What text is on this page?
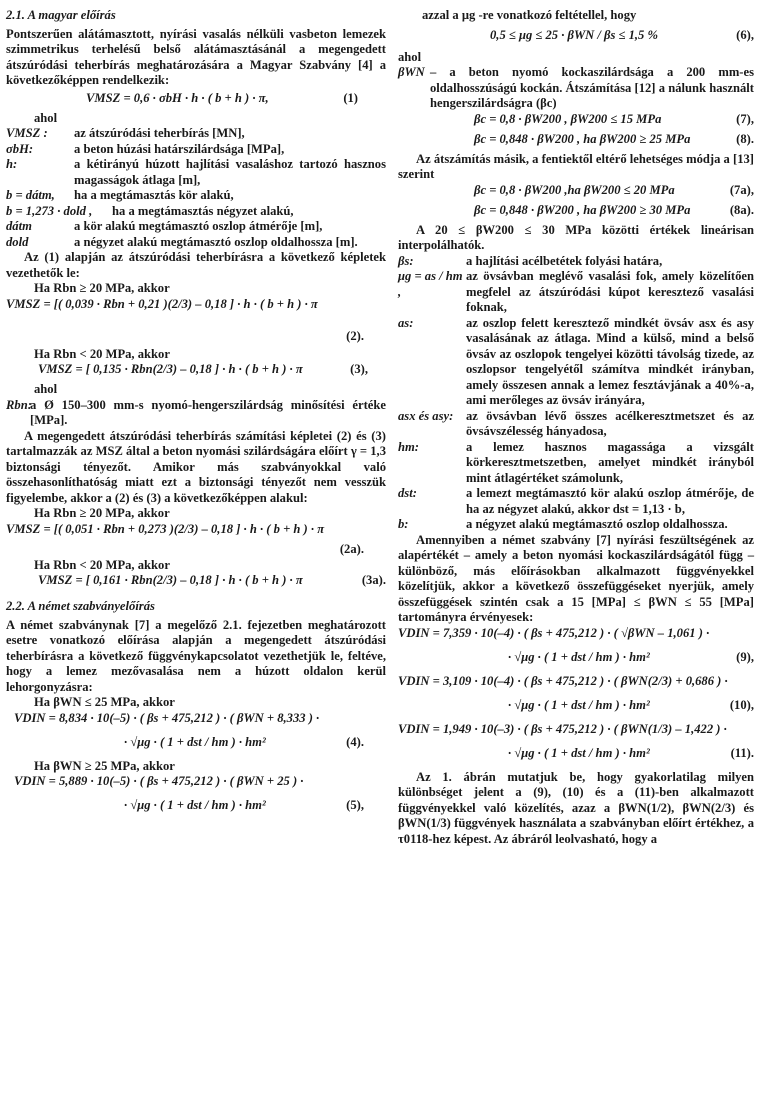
2.1. A magyar előírás

Pontszerűen alátámasztott, nyírási vasalás nélküli vasbeton lemezek szimmetrikus terhelésű belső alátámasztásánál a megengedett átszúródási teherbírás meghatározására a Magyar Szabvány [4] a következőképpen rendelkezik:

VMSZ = 0,6 · σbH · h · ( b + h ) · π,	(1)
ahol
VMSZ :	az átszúródási teherbírás [MN],
σbH:	a beton húzási határszilárdsága [MPa],
h:	a kétirányú húzott hajlítási vasaláshoz tartozó hasznos magasságok átlaga [m],
b = dátm,	ha a megtámasztás kör alakú,
b = 1,273 · dold ,	ha a megtámasztás négyzet alakú,
dátm	a kör alakú megtámasztó oszlop átmérője [m],
dold	a négyzet alakú megtámasztó oszlop oldalhossza [m].

Az (1) alapján az átszúródási teherbírásra a következő képletek vezethetők le:

Ha Rbn ≥ 20 MPa, akkor
VMSZ = [( 0,039 · Rbn + 0,21 )(2/3) – 0,18 ] · h · ( b + h ) · π
(2).
Ha Rbn < 20 MPa, akkor
VMSZ = [ 0,135 · Rbn(2/3) – 0,18 ] · h · ( b + h ) · π	(3),
ahol
Rbn:
a Ø 150–300 mm-s nyomó-hengerszilárdság minősítési értéke [MPa].

A megengedett átszúródási teherbírás számítási képletei (2) és (3) tartalmazzák az MSZ által a beton nyomási szilárdságára előírt γ = 1,3 biztonsági tényezőt. Amikor más szabványokkal való összehasonlíthatóság miatt ezt a biztonsági tényezőt nem vesszük figyelembe, akkor a (2) és (3) a következőképpen alakul:

Ha Rbn ≥ 20 MPa, akkor
VMSZ = [( 0,051 · Rbn + 0,273 )(2/3) – 0,18 ] · h · ( b + h ) · π
(2a).
Ha Rbn < 20 MPa, akkor
VMSZ = [ 0,161 · Rbn(2/3) – 0,18 ] · h · ( b + h ) · π	(3a).
2.2. A német szabványelőírás

A német szabványnak [7] a megelőző 2.1. fejezetben meghatározott esetre vonatkozó előírása alapján a megengedett átszúródási teherbírásra a következő függvénykapcsolatot vezethetjük le, feltéve, hogy a lemez mezővasalása nem a húzott oldalon kerül lehorgonyzásra:

Ha βWN ≤ 25 MPa, akkor
VDIN = 8,834 · 10(–5) · ( βs + 475,212 ) · ( βWN + 8,333 ) ·
· √μg · ( 1 + dst / hm ) · hm²	(4).
Ha βWN ≥ 25 MPa, akkor
VDIN = 5,889 · 10(–5) · ( βs + 475,212 ) · ( βWN + 25 ) ·
· √μg · ( 1 + dst / hm ) · hm²	(5),
azzal a μg -re vonatkozó feltétellel, hogy
0,5 ≤ μg ≤ 25 · βWN / βs ≤ 1,5 %	(6),
ahol
βWN – a beton nyomó kockaszilárdsága a 200 mm-es oldalhosszúságú kockán. Átszámítása [12] a nálunk használt hengerszilárdságra (βc)
βc = 0,8 · βW200 , βW200 ≤ 15 MPa	(7),
βc = 0,848 · βW200 , ha βW200 ≥ 25 MPa	(8).

Az átszámítás másik, a fentiektől eltérő lehetséges módja a [13] szerint

βc = 0,8 · βW200 ,ha βW200 ≤ 20 MPa	(7a),
βc = 0,848 · βW200 , ha βW200 ≥ 30 MPa	(8a).

A 20 ≤ βW200 ≤ 30 MPa közötti értékek lineárisan interpolálhatók.

βs:	a hajlítási acélbetétek folyási határa,
μg = as / hm ,
az övsávban meglévő vasalási fok, amely közelítően megfelel az átszúródási kúpot keresztező vasalási foknak,
as:	az oszlop felett keresztező mindkét övsáv asx és asy vasalásának az átlaga. Mind a külső, mind a belső övsáv az oszlopok tengelyei közötti távolság tizede, az oszlopsor tengelyétől számítva mindkét irányban, amely összesen annak a lemez fesztávjának a 40%-a, ami merőleges az övsáv irányára,
asx és asy:	az övsávban lévő összes acélkeresztmetszet és az övsávszélesség hányadosa,
hm:	a lemez hasznos magassága a vizsgált körkeresztmetszetben, amelyet mindkét irányból mint átlagértéket számolunk,
dst:	a lemezt megtámasztó kör alakú oszlop átmérője, de ha az négyzet alakú, akkor dst = 1,13 · b,
b:	a négyzet alakú megtámasztó oszlop oldalhossza.

Amennyiben a német szabvány [7] nyírási feszültségének az alapértékét – amely a beton nyomási kockaszilárdságától függ – különböző, más előírásokban alkalmazott függvényekkel közelítjük, akkor a következő összefüggéseket nyerjük, amely összefüggések szintén csak a 15 [MPa] ≤ βWN ≤ 55 [MPa] tartományra érvényesek:

VDIN = 7,359 · 10(–4) · ( βs + 475,212 ) · ( √βWN – 1,061 ) ·
· √μg · ( 1 + dst / hm ) · hm²	(9),
VDIN = 3,109 · 10(–4) · ( βs + 475,212 ) · ( βWN(2/3) + 0,686 ) ·
· √μg · ( 1 + dst / hm ) · hm²	(10),
VDIN = 1,949 · 10(–3) · ( βs + 475,212 ) · ( βWN(1/3) – 1,422 ) ·
· √μg · ( 1 + dst / hm ) · hm²	(11).

Az 1. ábrán mutatjuk be, hogy gyakorlatilag milyen különbséget jelent a (9), (10) és a (11)-ben alkalmazott függvényekkel való közelítés, azaz a βWN(1/2), βWN(2/3) és βWN(1/3) függvények használata a szabványban előírt értékhez, a τ0118-hez képest. Az ábráról leolvasható, hogy a
